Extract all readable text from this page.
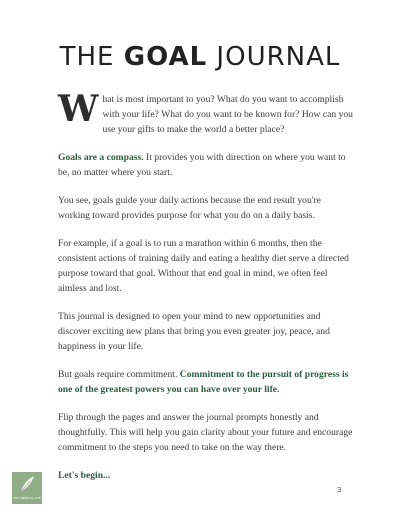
THE GOAL JOURNAL

What is most important to you? What do you want to accomplish with your life? What do you want to be known for? How can you use your gifts to make the world a better place?

Goals are a compass. It provides you with direction on where you want to be, no matter where you start.

You see, goals guide your daily actions because the end result you're working toward provides purpose for what you do on a daily basis.

For example, if a goal is to run a marathon within 6 months, then the consistent actions of training daily and eating a healthy diet serve a directed purpose toward that goal. Without that end goal in mind, we often feel aimless and lost.

This journal is designed to open your mind to new opportunities and discover exciting new plans that bring you even greater joy, peace, and happiness in your life.

But goals require commitment. Commitment to the pursuit of progress is one of the greatest powers you can have over your life.

Flip through the pages and answer the journal prompts honestly and thoughtfully. This will help you gain clarity about your future and encourage commitment to the steps you need to take on the way there.

Let's begin...

THE MINDFUL LIFE
3
